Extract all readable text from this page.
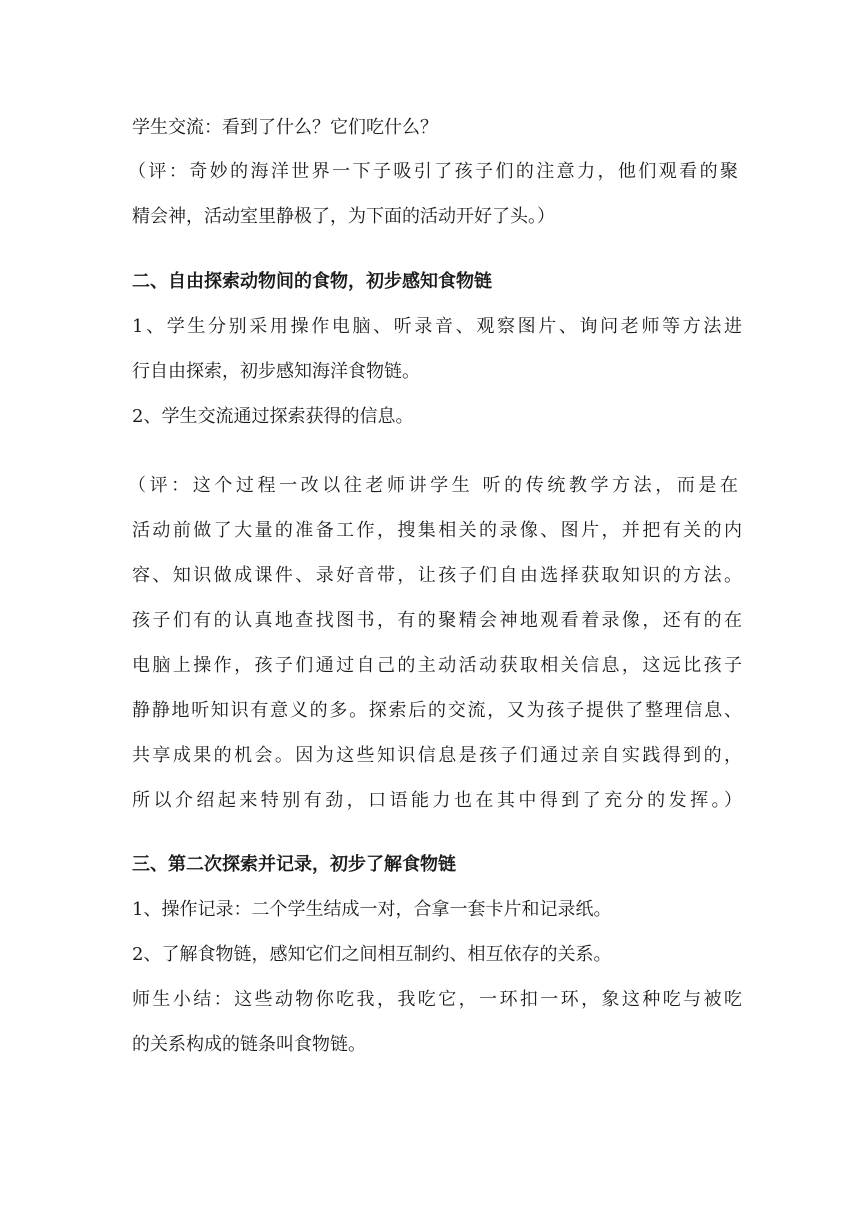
学生交流：看到了什么？它们吃什么？
（评：奇妙的海洋世界一下子吸引了孩子们的注意力，他们观看的聚
精会神，活动室里静极了，为下面的活动开好了头。）
二、自由探索动物间的食物，初步感知食物链
1、学生分别采用操作电脑、听录音、观察图片、询问老师等方法进
行自由探索，初步感知海洋食物链。
2、学生交流通过探索获得的信息。
（评：这个过程一改以往老师讲学生 听的传统教学方法，而是在
活动前做了大量的准备工作，搜集相关的录像、图片，并把有关的内
容、知识做成课件、录好音带，让孩子们自由选择获取知识的方法。
孩子们有的认真地查找图书，有的聚精会神地观看着录像，还有的在
电脑上操作，孩子们通过自己的主动活动获取相关信息，这远比孩子
静静地听知识有意义的多。探索后的交流，又为孩子提供了整理信息、
共享成果的机会。因为这些知识信息是孩子们通过亲自实践得到的，
所以介绍起来特别有劲，口语能力也在其中得到了充分的发挥。）
三、第二次探索并记录，初步了解食物链
1、操作记录：二个学生结成一对，合拿一套卡片和记录纸。
2、了解食物链，感知它们之间相互制约、相互依存的关系。
师生小结：这些动物你吃我，我吃它，一环扣一环，象这种吃与被吃
的关系构成的链条叫食物链。
